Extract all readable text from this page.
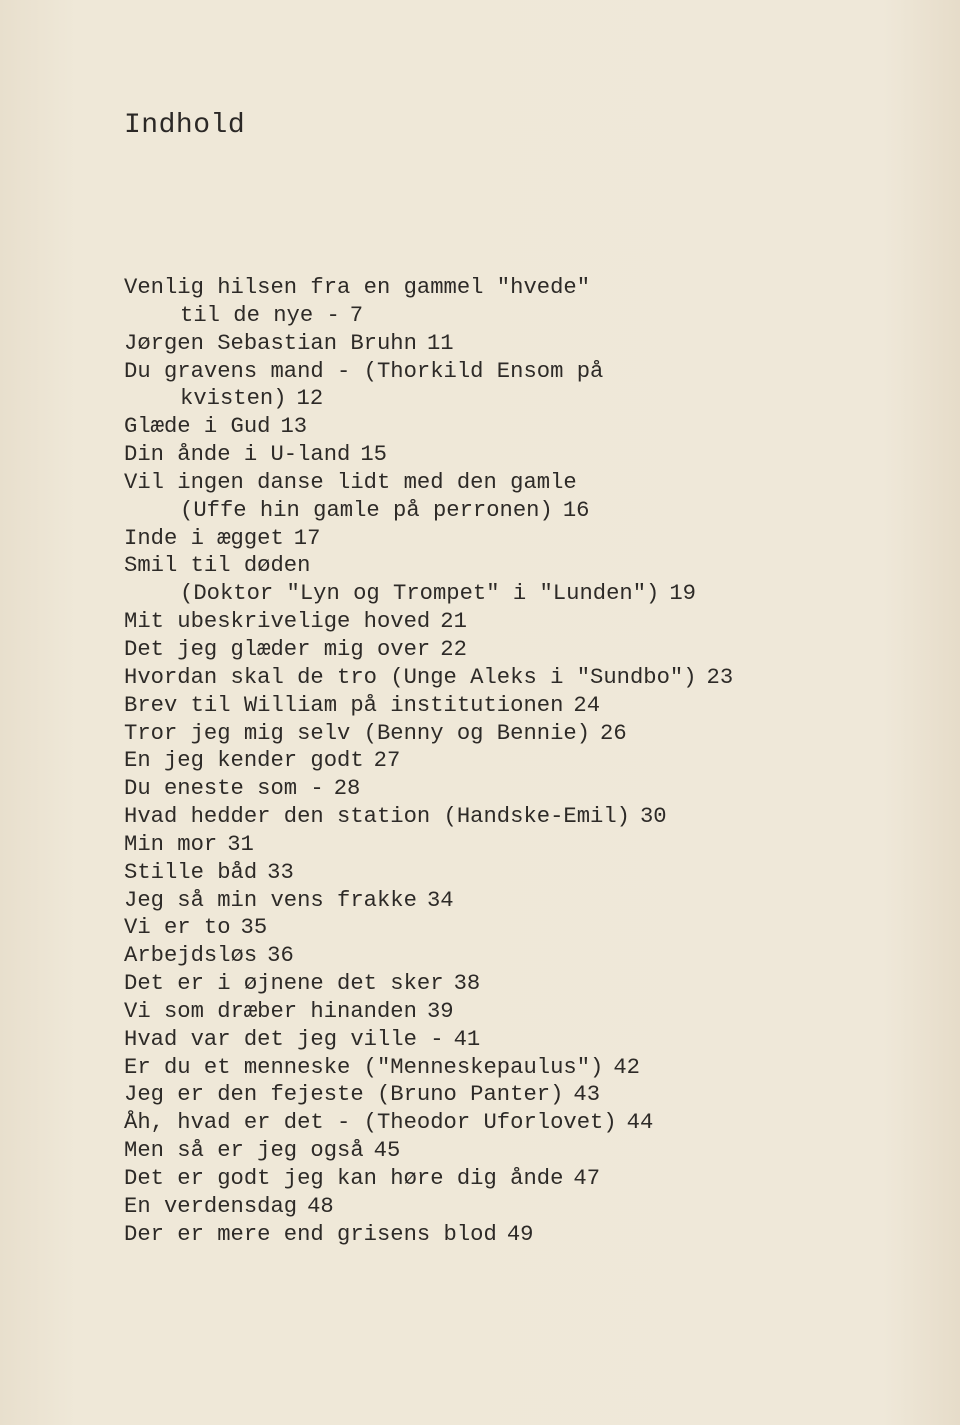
Indhold
Venlig hilsen fra en gammel "hvede"
til de nye - 7
Jørgen Sebastian Bruhn 11
Du gravens mand - (Thorkild Ensom på
kvisten) 12
Glæde i Gud 13
Din ånde i U-land 15
Vil ingen danse lidt med den gamle
(Uffe hin gamle på perronen) 16
Inde i ægget 17
Smil til døden
(Doktor "Lyn og Trompet" i "Lunden") 19
Mit ubeskrivelige hoved 21
Det jeg glæder mig over 22
Hvordan skal de tro (Unge Aleks i "Sundbo") 23
Brev til William på institutionen 24
Tror jeg mig selv (Benny og Bennie) 26
En jeg kender godt 27
Du eneste som - 28
Hvad hedder den station (Handske-Emil) 30
Min mor 31
Stille båd 33
Jeg så min vens frakke 34
Vi er to 35
Arbejdsløs 36
Det er i øjnene det sker 38
Vi som dræber hinanden 39
Hvad var det jeg ville - 41
Er du et menneske ("Menneskepaulus") 42
Jeg er den fejeste (Bruno Panter) 43
Åh, hvad er det - (Theodor Uforlovet) 44
Men så er jeg også 45
Det er godt jeg kan høre dig ånde 47
En verdensdag 48
Der er mere end grisens blod 49
